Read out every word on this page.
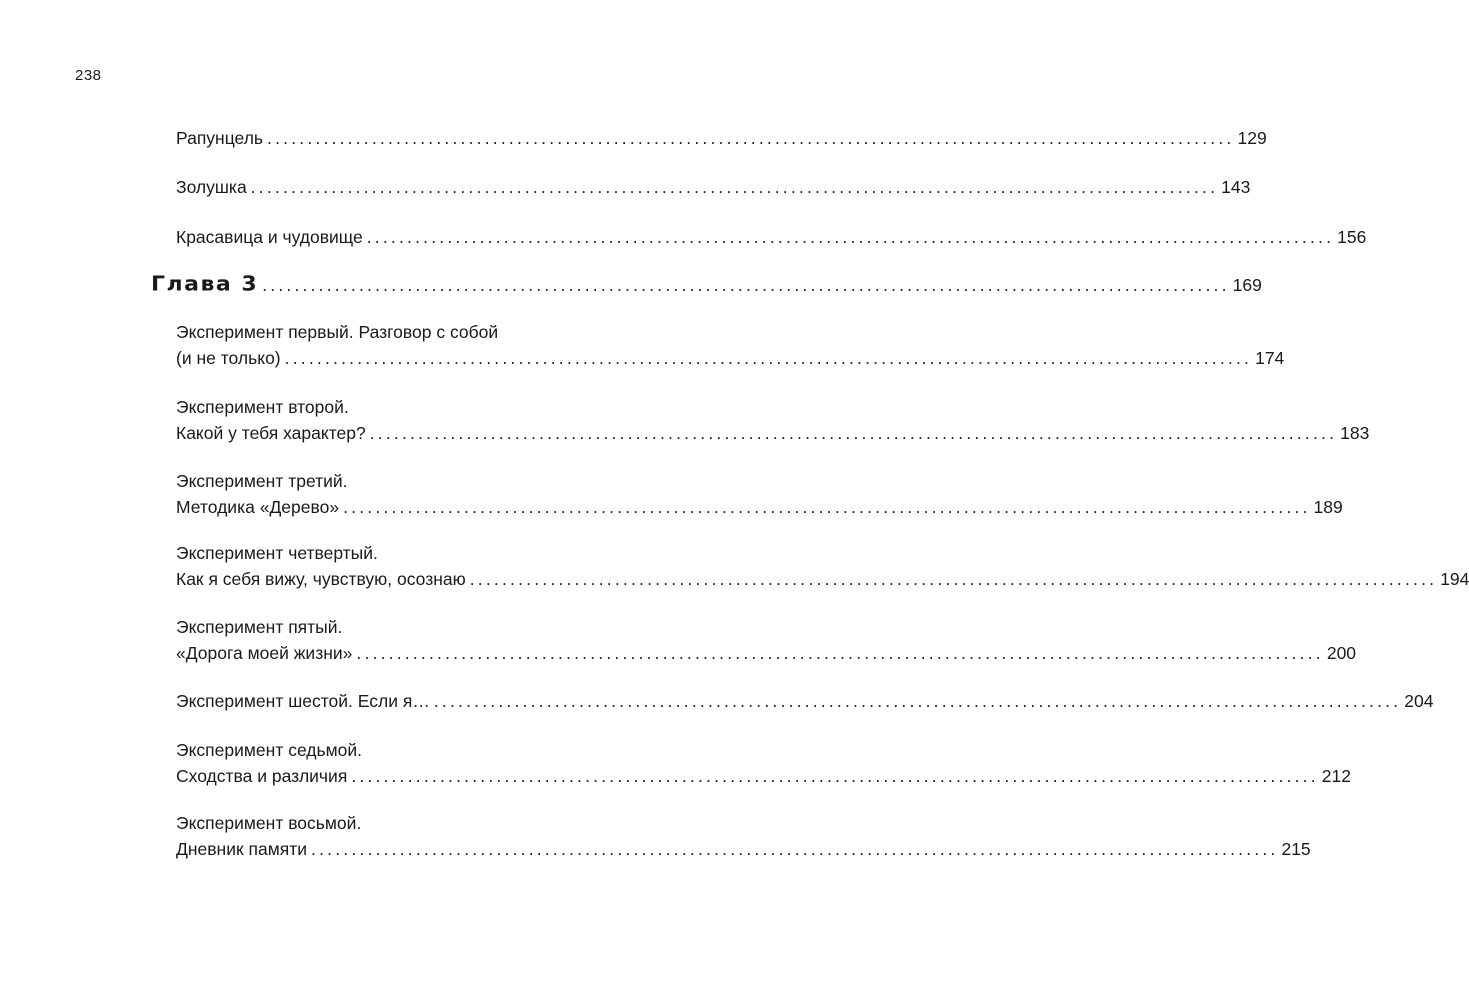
238
Рапунцель ........................................................................................................................ 129
Золушка ........................................................................................................................ 143
Красавица и чудовище ........................................................................................................................ 156
Глава 3 ........................................................................................................................ 169
Эксперимент первый. Разговор с собой
(и не только) ........................................................................................................................ 174
Эксперимент второй.
Какой у тебя характер? ........................................................................................................................ 183
Эксперимент третий.
Методика «Дерево» ........................................................................................................................ 189
Эксперимент четвертый.
Как я себя вижу, чувствую, осознаю ........................................................................................................................ 194
Эксперимент пятый.
«Дорога моей жизни» ........................................................................................................................ 200
Эксперимент шестой. Если я… ........................................................................................................................ 204
Эксперимент седьмой.
Сходства и различия ........................................................................................................................ 212
Эксперимент восьмой.
Дневник памяти ........................................................................................................................ 215
